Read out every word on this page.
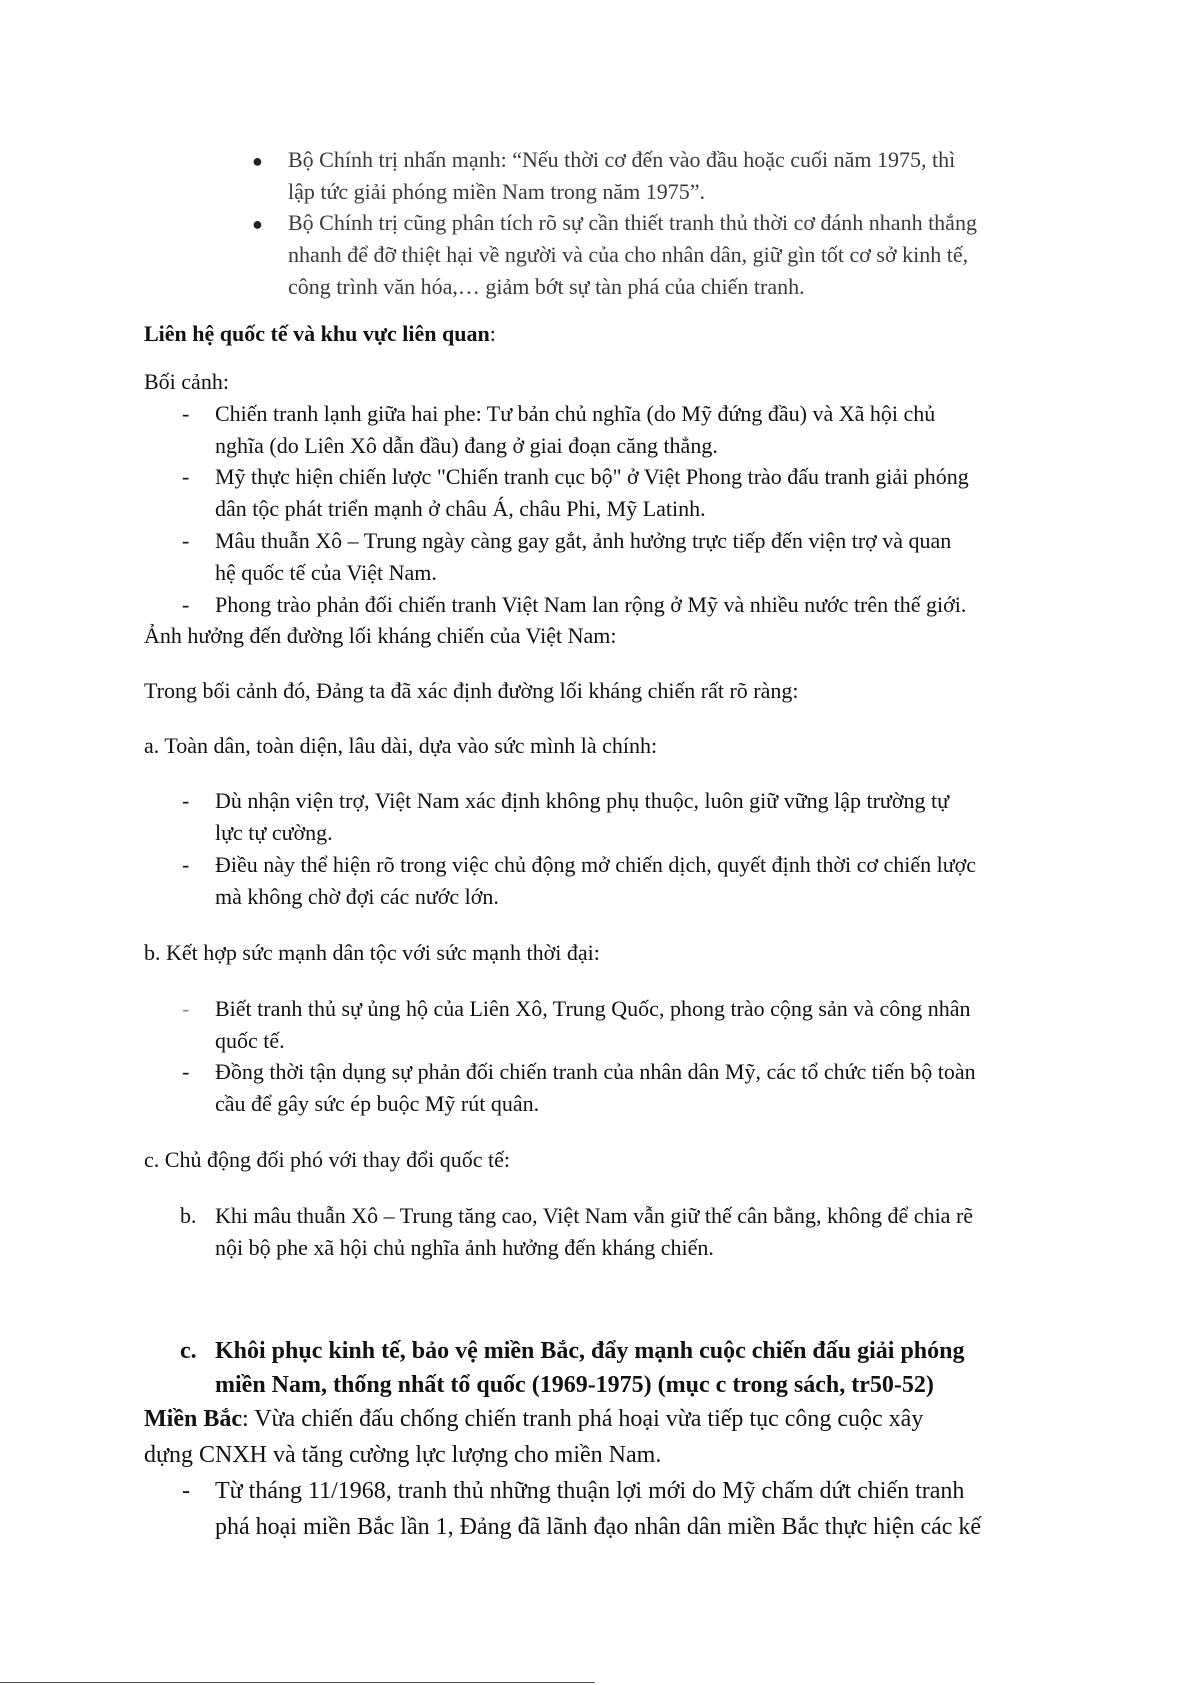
● Bộ Chính trị nhấn mạnh: “Nếu thời cơ đến vào đầu hoặc cuối năm 1975, thì
lập tức giải phóng miền Nam trong năm 1975”.
● Bộ Chính trị cũng phân tích rõ sự cần thiết tranh thủ thời cơ đánh nhanh thắng
nhanh để đỡ thiệt hại về người và của cho nhân dân, giữ gìn tốt cơ sở kinh tế,
công trình văn hóa,… giảm bớt sự tàn phá của chiến tranh.
Liên hệ quốc tế và khu vực liên quan:
Bối cảnh:
- Chiến tranh lạnh giữa hai phe: Tư bản chủ nghĩa (do Mỹ đứng đầu) và Xã hội chủ
nghĩa (do Liên Xô dẫn đầu) đang ở giai đoạn căng thẳng.
- Mỹ thực hiện chiến lược "Chiến tranh cục bộ" ở Việt Phong trào đấu tranh giải phóng
dân tộc phát triển mạnh ở châu Á, châu Phi, Mỹ Latinh.
- Mâu thuẫn Xô – Trung ngày càng gay gắt, ảnh hưởng trực tiếp đến viện trợ và quan
hệ quốc tế của Việt Nam.
- Phong trào phản đối chiến tranh Việt Nam lan rộng ở Mỹ và nhiều nước trên thế giới.
Ảnh hưởng đến đường lối kháng chiến của Việt Nam:
Trong bối cảnh đó, Đảng ta đã xác định đường lối kháng chiến rất rõ ràng:
a. Toàn dân, toàn diện, lâu dài, dựa vào sức mình là chính:
- Dù nhận viện trợ, Việt Nam xác định không phụ thuộc, luôn giữ vững lập trường tự
lực tự cường.
- Điều này thể hiện rõ trong việc chủ động mở chiến dịch, quyết định thời cơ chiến lược
mà không chờ đợi các nước lớn.
b. Kết hợp sức mạnh dân tộc với sức mạnh thời đại:
- Biết tranh thủ sự ủng hộ của Liên Xô, Trung Quốc, phong trào cộng sản và công nhân
quốc tế.
- Đồng thời tận dụng sự phản đối chiến tranh của nhân dân Mỹ, các tổ chức tiến bộ toàn
cầu để gây sức ép buộc Mỹ rút quân.
c. Chủ động đối phó với thay đổi quốc tế:
b. Khi mâu thuẫn Xô – Trung tăng cao, Việt Nam vẫn giữ thế cân bằng, không để chia rẽ
nội bộ phe xã hội chủ nghĩa ảnh hưởng đến kháng chiến.
c. Khôi phục kinh tế, bảo vệ miền Bắc, đẩy mạnh cuộc chiến đấu giải phóng
miền Nam, thống nhất tổ quốc (1969-1975) (mục c trong sách, tr50-52)
Miền Bắc: Vừa chiến đấu chống chiến tranh phá hoại vừa tiếp tục công cuộc xây
dựng CNXH và tăng cường lực lượng cho miền Nam.
- Từ tháng 11/1968, tranh thủ những thuận lợi mới do Mỹ chấm dứt chiến tranh
phá hoại miền Bắc lần 1, Đảng đã lãnh đạo nhân dân miền Bắc thực hiện các kế
